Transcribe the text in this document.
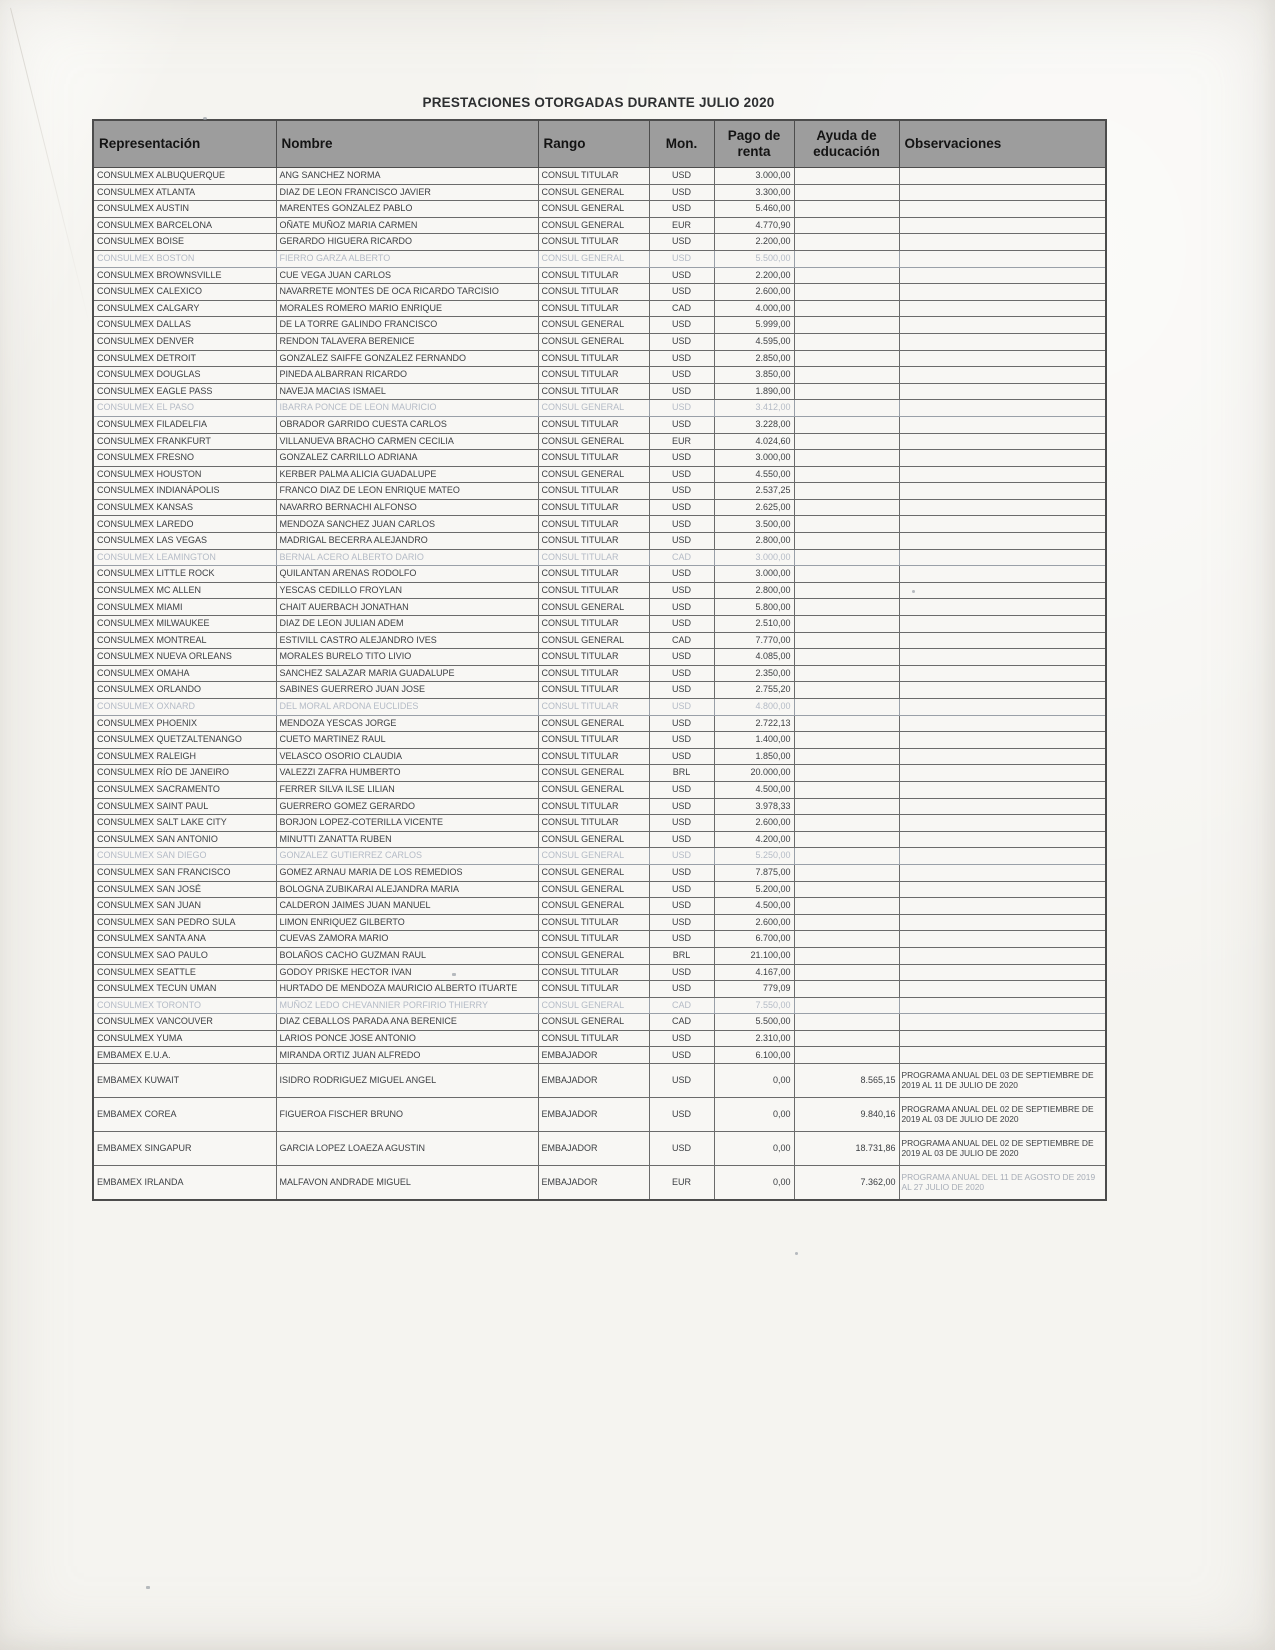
PRESTACIONES OTORGADAS DURANTE JULIO 2020
Representación	Nombre	Rango	Mon.	Pago de renta	Ayuda de educación	Observaciones
CONSULMEX ALBUQUERQUE	ANG SANCHEZ NORMA	CONSUL TITULAR	USD	3.000,00		
CONSULMEX ATLANTA	DIAZ DE LEON FRANCISCO JAVIER	CONSUL GENERAL	USD	3.300,00		
CONSULMEX AUSTIN	MARENTES GONZALEZ PABLO	CONSUL GENERAL	USD	5.460,00		
CONSULMEX BARCELONA	OÑATE MUÑOZ MARIA CARMEN	CONSUL GENERAL	EUR	4.770,90		
CONSULMEX BOISE	GERARDO HIGUERA RICARDO	CONSUL TITULAR	USD	2.200,00		
CONSULMEX BOSTON	FIERRO GARZA ALBERTO	CONSUL GENERAL	USD	5.500,00		
CONSULMEX BROWNSVILLE	CUE VEGA JUAN CARLOS	CONSUL TITULAR	USD	2.200,00		
CONSULMEX CALEXICO	NAVARRETE MONTES DE OCA RICARDO TARCISIO	CONSUL TITULAR	USD	2.600,00		
CONSULMEX CALGARY	MORALES ROMERO MARIO ENRIQUE	CONSUL TITULAR	CAD	4.000,00		
CONSULMEX DALLAS	DE LA TORRE GALINDO FRANCISCO	CONSUL GENERAL	USD	5.999,00		
CONSULMEX DENVER	RENDON TALAVERA BERENICE	CONSUL GENERAL	USD	4.595,00		
CONSULMEX DETROIT	GONZALEZ SAIFFE GONZALEZ FERNANDO	CONSUL TITULAR	USD	2.850,00		
CONSULMEX DOUGLAS	PINEDA ALBARRAN RICARDO	CONSUL TITULAR	USD	3.850,00		
CONSULMEX EAGLE PASS	NAVEJA MACIAS ISMAEL	CONSUL TITULAR	USD	1.890,00		
CONSULMEX EL PASO	IBARRA PONCE DE LEON MAURICIO	CONSUL GENERAL	USD	3.412,00		
CONSULMEX FILADELFIA	OBRADOR GARRIDO CUESTA CARLOS	CONSUL TITULAR	USD	3.228,00		
CONSULMEX FRANKFURT	VILLANUEVA BRACHO CARMEN CECILIA	CONSUL GENERAL	EUR	4.024,60		
CONSULMEX FRESNO	GONZALEZ CARRILLO ADRIANA	CONSUL TITULAR	USD	3.000,00		
CONSULMEX HOUSTON	KERBER PALMA ALICIA GUADALUPE	CONSUL GENERAL	USD	4.550,00		
CONSULMEX INDIANÁPOLIS	FRANCO DIAZ DE LEON ENRIQUE MATEO	CONSUL TITULAR	USD	2.537,25		
CONSULMEX KANSAS	NAVARRO BERNACHI ALFONSO	CONSUL TITULAR	USD	2.625,00		
CONSULMEX LAREDO	MENDOZA SANCHEZ JUAN CARLOS	CONSUL TITULAR	USD	3.500,00		
CONSULMEX LAS VEGAS	MADRIGAL BECERRA ALEJANDRO	CONSUL TITULAR	USD	2.800,00		
CONSULMEX LEAMINGTON	BERNAL ACERO ALBERTO DARIO	CONSUL TITULAR	CAD	3.000,00		
CONSULMEX LITTLE ROCK	QUILANTAN ARENAS RODOLFO	CONSUL TITULAR	USD	3.000,00		
CONSULMEX MC ALLEN	YESCAS CEDILLO FROYLAN	CONSUL TITULAR	USD	2.800,00		
CONSULMEX MIAMI	CHAIT AUERBACH JONATHAN	CONSUL GENERAL	USD	5.800,00		
CONSULMEX MILWAUKEE	DIAZ DE LEON JULIAN ADEM	CONSUL TITULAR	USD	2.510,00		
CONSULMEX MONTREAL	ESTIVILL CASTRO ALEJANDRO IVES	CONSUL GENERAL	CAD	7.770,00		
CONSULMEX NUEVA ORLEANS	MORALES BURELO TITO LIVIO	CONSUL TITULAR	USD	4.085,00		
CONSULMEX OMAHA	SANCHEZ SALAZAR MARIA GUADALUPE	CONSUL TITULAR	USD	2.350,00		
CONSULMEX ORLANDO	SABINES GUERRERO JUAN JOSE	CONSUL TITULAR	USD	2.755,20		
CONSULMEX OXNARD	DEL MORAL ARDONA EUCLIDES	CONSUL TITULAR	USD	4.800,00		
CONSULMEX PHOENIX	MENDOZA YESCAS JORGE	CONSUL GENERAL	USD	2.722,13		
CONSULMEX QUETZALTENANGO	CUETO MARTINEZ RAUL	CONSUL TITULAR	USD	1.400,00		
CONSULMEX RALEIGH	VELASCO OSORIO CLAUDIA	CONSUL TITULAR	USD	1.850,00		
CONSULMEX RÍO DE JANEIRO	VALEZZI ZAFRA HUMBERTO	CONSUL GENERAL	BRL	20.000,00		
CONSULMEX SACRAMENTO	FERRER SILVA ILSE LILIAN	CONSUL GENERAL	USD	4.500,00		
CONSULMEX SAINT PAUL	GUERRERO GOMEZ GERARDO	CONSUL TITULAR	USD	3.978,33		
CONSULMEX SALT LAKE CITY	BORJON LOPEZ-COTERILLA VICENTE	CONSUL TITULAR	USD	2.600,00		
CONSULMEX SAN ANTONIO	MINUTTI ZANATTA RUBEN	CONSUL GENERAL	USD	4.200,00		
CONSULMEX SAN DIEGO	GONZALEZ GUTIERREZ CARLOS	CONSUL GENERAL	USD	5.250,00		
CONSULMEX SAN FRANCISCO	GOMEZ ARNAU MARIA DE LOS REMEDIOS	CONSUL GENERAL	USD	7.875,00		
CONSULMEX SAN JOSÉ	BOLOGNA ZUBIKARAI ALEJANDRA MARIA	CONSUL GENERAL	USD	5.200,00		
CONSULMEX SAN JUAN	CALDERON JAIMES JUAN MANUEL	CONSUL GENERAL	USD	4.500,00		
CONSULMEX SAN PEDRO SULA	LIMON ENRIQUEZ GILBERTO	CONSUL TITULAR	USD	2.600,00		
CONSULMEX SANTA ANA	CUEVAS ZAMORA MARIO	CONSUL TITULAR	USD	6.700,00		
CONSULMEX SAO PAULO	BOLAÑOS CACHO GUZMAN RAUL	CONSUL GENERAL	BRL	21.100,00		
CONSULMEX SEATTLE	GODOY PRISKE HECTOR IVAN	CONSUL TITULAR	USD	4.167,00		
CONSULMEX TECUN UMAN	HURTADO DE MENDOZA MAURICIO ALBERTO ITUARTE	CONSUL TITULAR	USD	779,09		
CONSULMEX TORONTO	MUÑOZ LEDO CHEVANNIER PORFIRIO THIERRY	CONSUL GENERAL	CAD	7.550,00		
CONSULMEX VANCOUVER	DIAZ CEBALLOS PARADA ANA BERENICE	CONSUL GENERAL	CAD	5.500,00		
CONSULMEX YUMA	LARIOS PONCE JOSE ANTONIO	CONSUL TITULAR	USD	2.310,00		
EMBAMEX E.U.A.	MIRANDA ORTIZ JUAN ALFREDO	EMBAJADOR	USD	6.100,00		
EMBAMEX KUWAIT	ISIDRO RODRIGUEZ MIGUEL ANGEL	EMBAJADOR	USD	0,00	8.565,15	PROGRAMA ANUAL DEL 03 DE SEPTIEMBRE DE 2019 AL 11 DE JULIO DE 2020
EMBAMEX COREA	FIGUEROA FISCHER BRUNO	EMBAJADOR	USD	0,00	9.840,16	PROGRAMA ANUAL DEL 02 DE SEPTIEMBRE DE 2019 AL 03 DE JULIO DE 2020
EMBAMEX SINGAPUR	GARCIA LOPEZ LOAEZA AGUSTIN	EMBAJADOR	USD	0,00	18.731,86	PROGRAMA ANUAL DEL 02 DE SEPTIEMBRE DE 2019 AL 03 DE JULIO DE 2020
EMBAMEX IRLANDA	MALFAVON ANDRADE MIGUEL	EMBAJADOR	EUR	0,00	7.362,00	PROGRAMA ANUAL DEL 11 DE AGOSTO DE 2019 AL 27 JULIO DE 2020
